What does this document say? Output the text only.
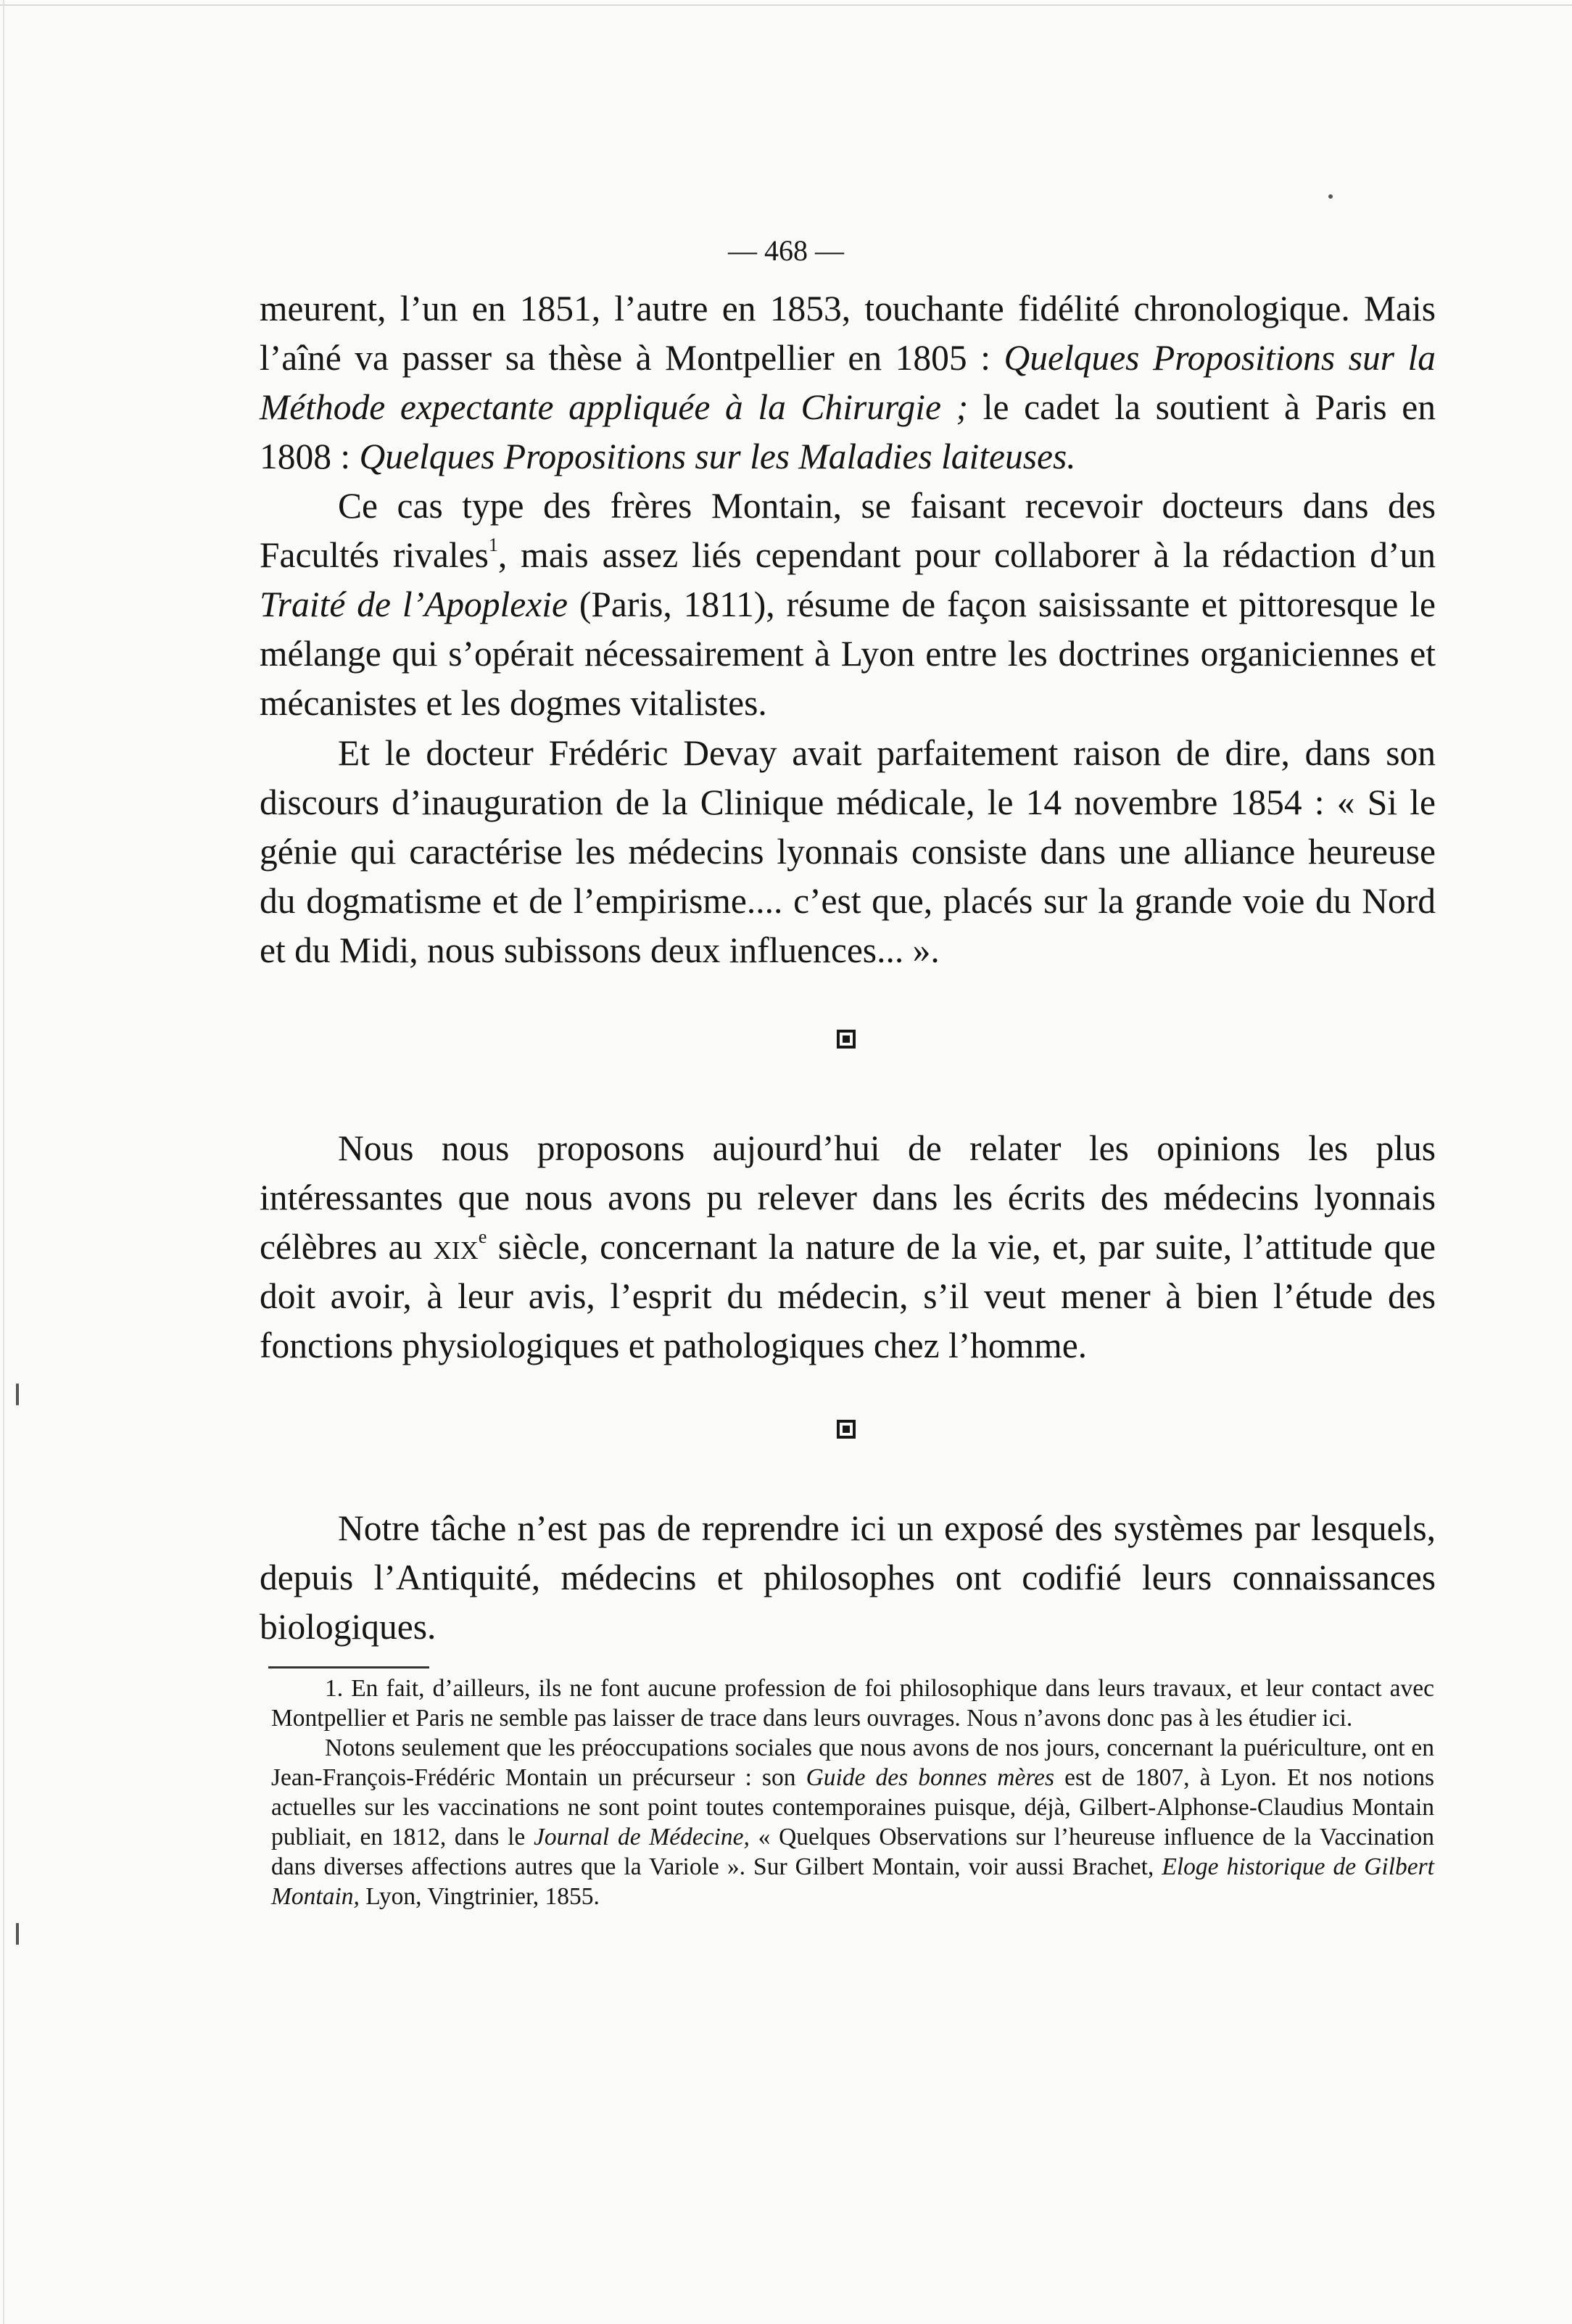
— 468 —

meurent, l’un en 1851, l’autre en 1853, touchante fidélité chronologique. Mais l’aîné va passer sa thèse à Montpellier en 1805 : Quelques Propositions sur la Méthode expectante appliquée à la Chirurgie ; le cadet la soutient à Paris en 1808 : Quelques Propositions sur les Maladies laiteuses.

Ce cas type des frères Montain, se faisant recevoir docteurs dans des Facultés rivales$^1$, mais assez liés cependant pour collaborer à la rédaction d’un Traité de l’Apoplexie (Paris, 1811), résume de façon saisissante et pittoresque le mélange qui s’opérait nécessairement à Lyon entre les doctrines organiciennes et mécanistes et les dogmes vitalistes.

Et le docteur Frédéric Devay avait parfaitement raison de dire, dans son discours d’inauguration de la Clinique médicale, le 14 novembre 1854 : « Si le génie qui caractérise les médecins lyonnais consiste dans une alliance heureuse du dogmatisme et de l’empirisme.... c’est que, placés sur la grande voie du Nord et du Midi, nous subissons deux influences... ».

Nous nous proposons aujourd’hui de relater les opinions les plus intéressantes que nous avons pu relever dans les écrits des médecins lyonnais célèbres au xix$^e$ siècle, concernant la nature de la vie, et, par suite, l’attitude que doit avoir, à leur avis, l’esprit du médecin, s’il veut mener à bien l’étude des fonctions physiologiques et pathologiques chez l’homme.

Notre tâche n’est pas de reprendre ici un exposé des systèmes par lesquels, depuis l’Antiquité, médecins et philosophes ont codifié leurs connaissances biologiques.

1. En fait, d’ailleurs, ils ne font aucune profession de foi philosophique dans leurs travaux, et leur contact avec Montpellier et Paris ne semble pas laisser de trace dans leurs ouvrages. Nous n’avons donc pas à les étudier ici.

Notons seulement que les préoccupations sociales que nous avons de nos jours, concernant la puériculture, ont en Jean-François-Frédéric Montain un précurseur : son Guide des bonnes mères est de 1807, à Lyon. Et nos notions actuelles sur les vaccinations ne sont point toutes contemporaines puisque, déjà, Gilbert-Alphonse-Claudius Montain publiait, en 1812, dans le Journal de Médecine, « Quelques Observations sur l’heureuse influence de la Vaccination dans diverses affections autres que la Variole ». Sur Gilbert Montain, voir aussi Brachet, Eloge historique de Gilbert Montain, Lyon, Vingtrinier, 1855.
